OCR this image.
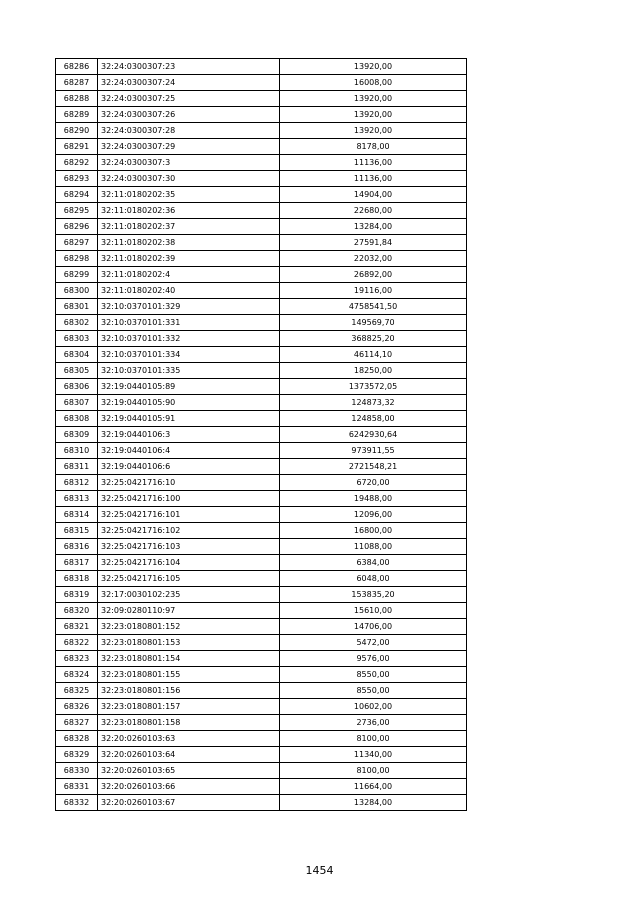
68286	32:24:0300307:23	13920,00
68287	32:24:0300307:24	16008,00
68288	32:24:0300307:25	13920,00
68289	32:24:0300307:26	13920,00
68290	32:24:0300307:28	13920,00
68291	32:24:0300307:29	8178,00
68292	32:24:0300307:3	11136,00
68293	32:24:0300307:30	11136,00
68294	32:11:0180202:35	14904,00
68295	32:11:0180202:36	22680,00
68296	32:11:0180202:37	13284,00
68297	32:11:0180202:38	27591,84
68298	32:11:0180202:39	22032,00
68299	32:11:0180202:4	26892,00
68300	32:11:0180202:40	19116,00
68301	32:10:0370101:329	4758541,50
68302	32:10:0370101:331	149569,70
68303	32:10:0370101:332	368825,20
68304	32:10:0370101:334	46114,10
68305	32:10:0370101:335	18250,00
68306	32:19:0440105:89	1373572,05
68307	32:19:0440105:90	124873,32
68308	32:19:0440105:91	124858,00
68309	32:19:0440106:3	6242930,64
68310	32:19:0440106:4	973911,55
68311	32:19:0440106:6	2721548,21
68312	32:25:0421716:10	6720,00
68313	32:25:0421716:100	19488,00
68314	32:25:0421716:101	12096,00
68315	32:25:0421716:102	16800,00
68316	32:25:0421716:103	11088,00
68317	32:25:0421716:104	6384,00
68318	32:25:0421716:105	6048,00
68319	32:17:0030102:235	153835,20
68320	32:09:0280110:97	15610,00
68321	32:23:0180801:152	14706,00
68322	32:23:0180801:153	5472,00
68323	32:23:0180801:154	9576,00
68324	32:23:0180801:155	8550,00
68325	32:23:0180801:156	8550,00
68326	32:23:0180801:157	10602,00
68327	32:23:0180801:158	2736,00
68328	32:20:0260103:63	8100,00
68329	32:20:0260103:64	11340,00
68330	32:20:0260103:65	8100,00
68331	32:20:0260103:66	11664,00
68332	32:20:0260103:67	13284,00
1454
